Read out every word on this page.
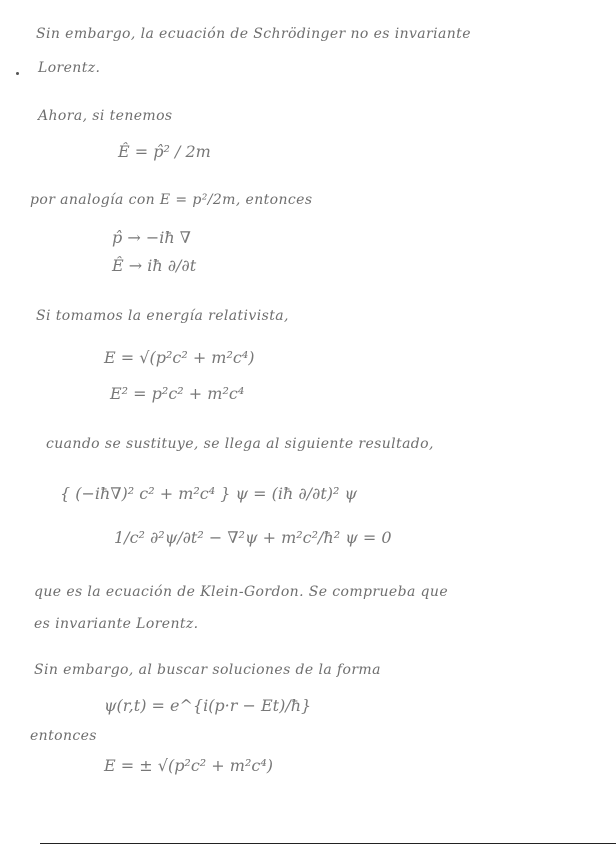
Sin embargo, la ecuación de Schrödinger no es invariante
Lorentz.
Ahora, si tenemos
Ê = p̂² / 2m
por analogía con E = p²/2m, entonces
p̂ → −iħ ∇
Ê → iħ ∂/∂t
Si tomamos la energía relativista,
E = √(p²c² + m²c⁴)
E² = p²c² + m²c⁴
cuando se sustituye, se llega al siguiente resultado,
{ (−iħ∇)² c² + m²c⁴ } ψ = (iħ ∂/∂t)² ψ
1/c² ∂²ψ/∂t² − ∇²ψ + m²c²/ħ² ψ = 0
que es la ecuación de Klein-Gordon. Se comprueba que
es invariante Lorentz.
Sin embargo, al buscar soluciones de la forma
ψ(r,t) = e^{i(p·r − Et)/ħ}
entonces
E = ± √(p²c² + m²c⁴)
